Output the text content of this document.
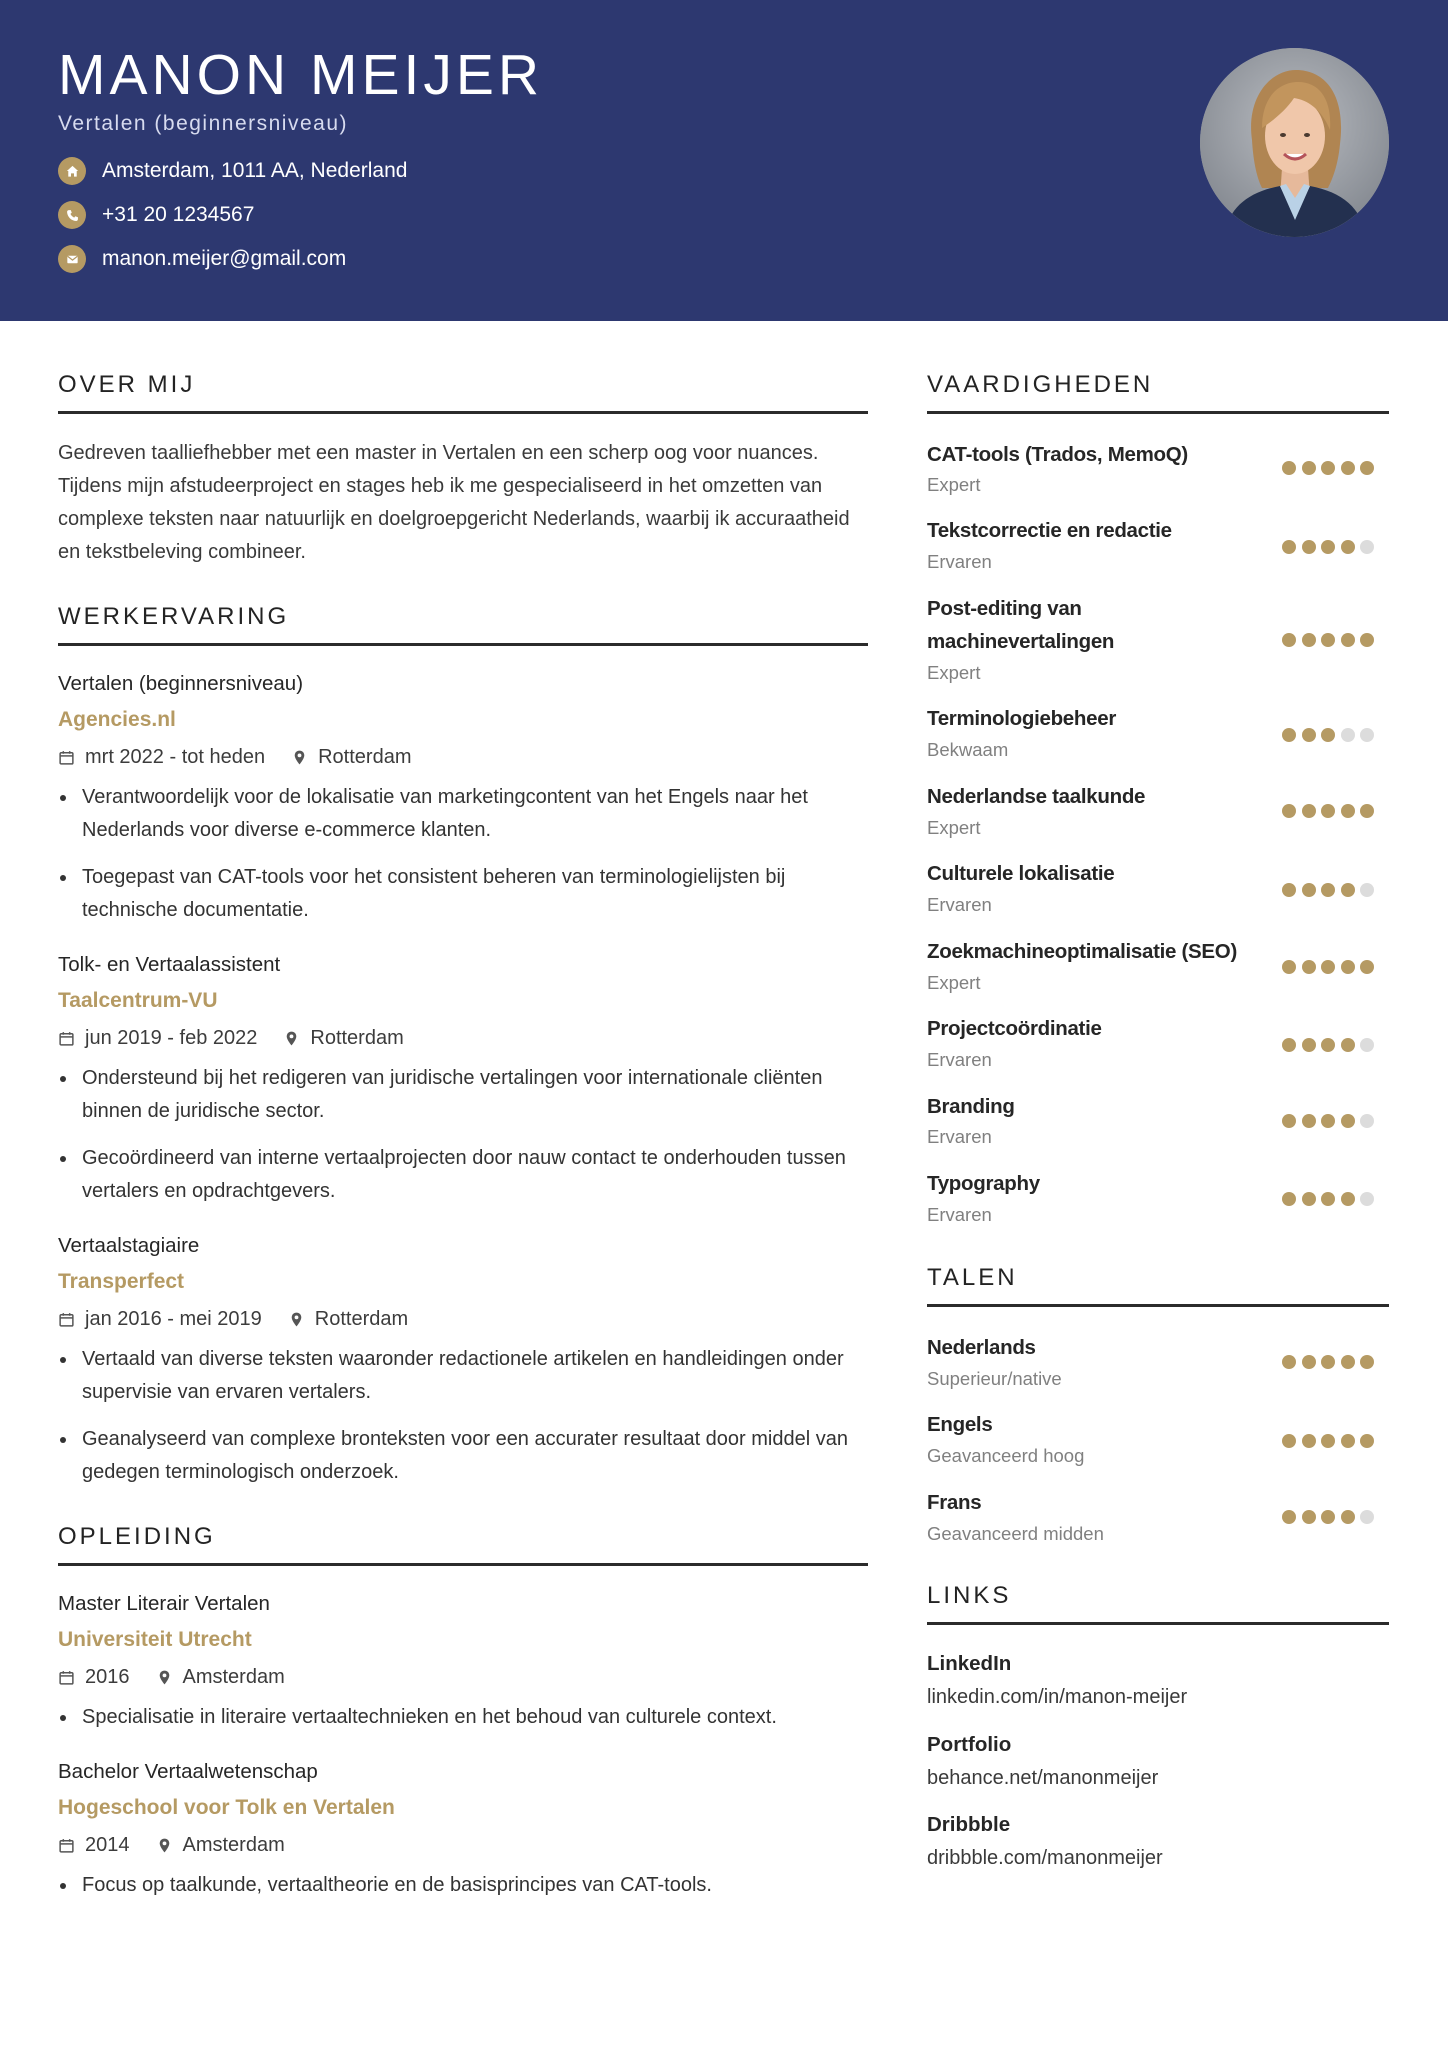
MANON MEIJER
Vertalen (beginnersniveau)
Amsterdam, 1011 AA, Nederland
+31 20 1234567
manon.meijer@gmail.com
OVER MIJ
Gedreven taalliefhebber met een master in Vertalen en een scherp oog voor nuances. Tijdens mijn afstudeerproject en stages heb ik me gespecialiseerd in het omzetten van complexe teksten naar natuurlijk en doelgroepgericht Nederlands, waarbij ik accuraatheid en tekstbeleving combineer.
WERKERVARING
Vertalen (beginnersniveau)
Agencies.nl
mrt 2022 - tot heden	Rotterdam
Verantwoordelijk voor de lokalisatie van marketingcontent van het Engels naar het Nederlands voor diverse e-commerce klanten.
Toegepast van CAT-tools voor het consistent beheren van terminologielijsten bij technische documentatie.
Tolk- en Vertaalassistent
Taalcentrum-VU
jun 2019 - feb 2022	Rotterdam
Ondersteund bij het redigeren van juridische vertalingen voor internationale cliënten binnen de juridische sector.
Gecoördineerd van interne vertaalprojecten door nauw contact te onderhouden tussen vertalers en opdrachtgevers.
Vertaalstagiaire
Transperfect
jan 2016 - mei 2019	Rotterdam
Vertaald van diverse teksten waaronder redactionele artikelen en handleidingen onder supervisie van ervaren vertalers.
Geanalyseerd van complexe bronteksten voor een accurater resultaat door middel van gedegen terminologisch onderzoek.
OPLEIDING
Master Literair Vertalen
Universiteit Utrecht
2016	Amsterdam
Specialisatie in literaire vertaaltechnieken en het behoud van culturele context.
Bachelor Vertaalwetenschap
Hogeschool voor Tolk en Vertalen
2014	Amsterdam
Focus op taalkunde, vertaaltheorie en de basisprincipes van CAT-tools.
VAARDIGHEDEN
CAT-tools (Trados, MemoQ)
Expert
Tekstcorrectie en redactie
Ervaren
Post-editing van machinevertalingen
Expert
Terminologiebeheer
Bekwaam
Nederlandse taalkunde
Expert
Culturele lokalisatie
Ervaren
Zoekmachineoptimalisatie (SEO)
Expert
Projectcoördinatie
Ervaren
Branding
Ervaren
Typography
Ervaren
TALEN
Nederlands
Superieur/native
Engels
Geavanceerd hoog
Frans
Geavanceerd midden
LINKS
LinkedIn
linkedin.com/in/manon-meijer
Portfolio
behance.net/manonmeijer
Dribbble
dribbble.com/manonmeijer
